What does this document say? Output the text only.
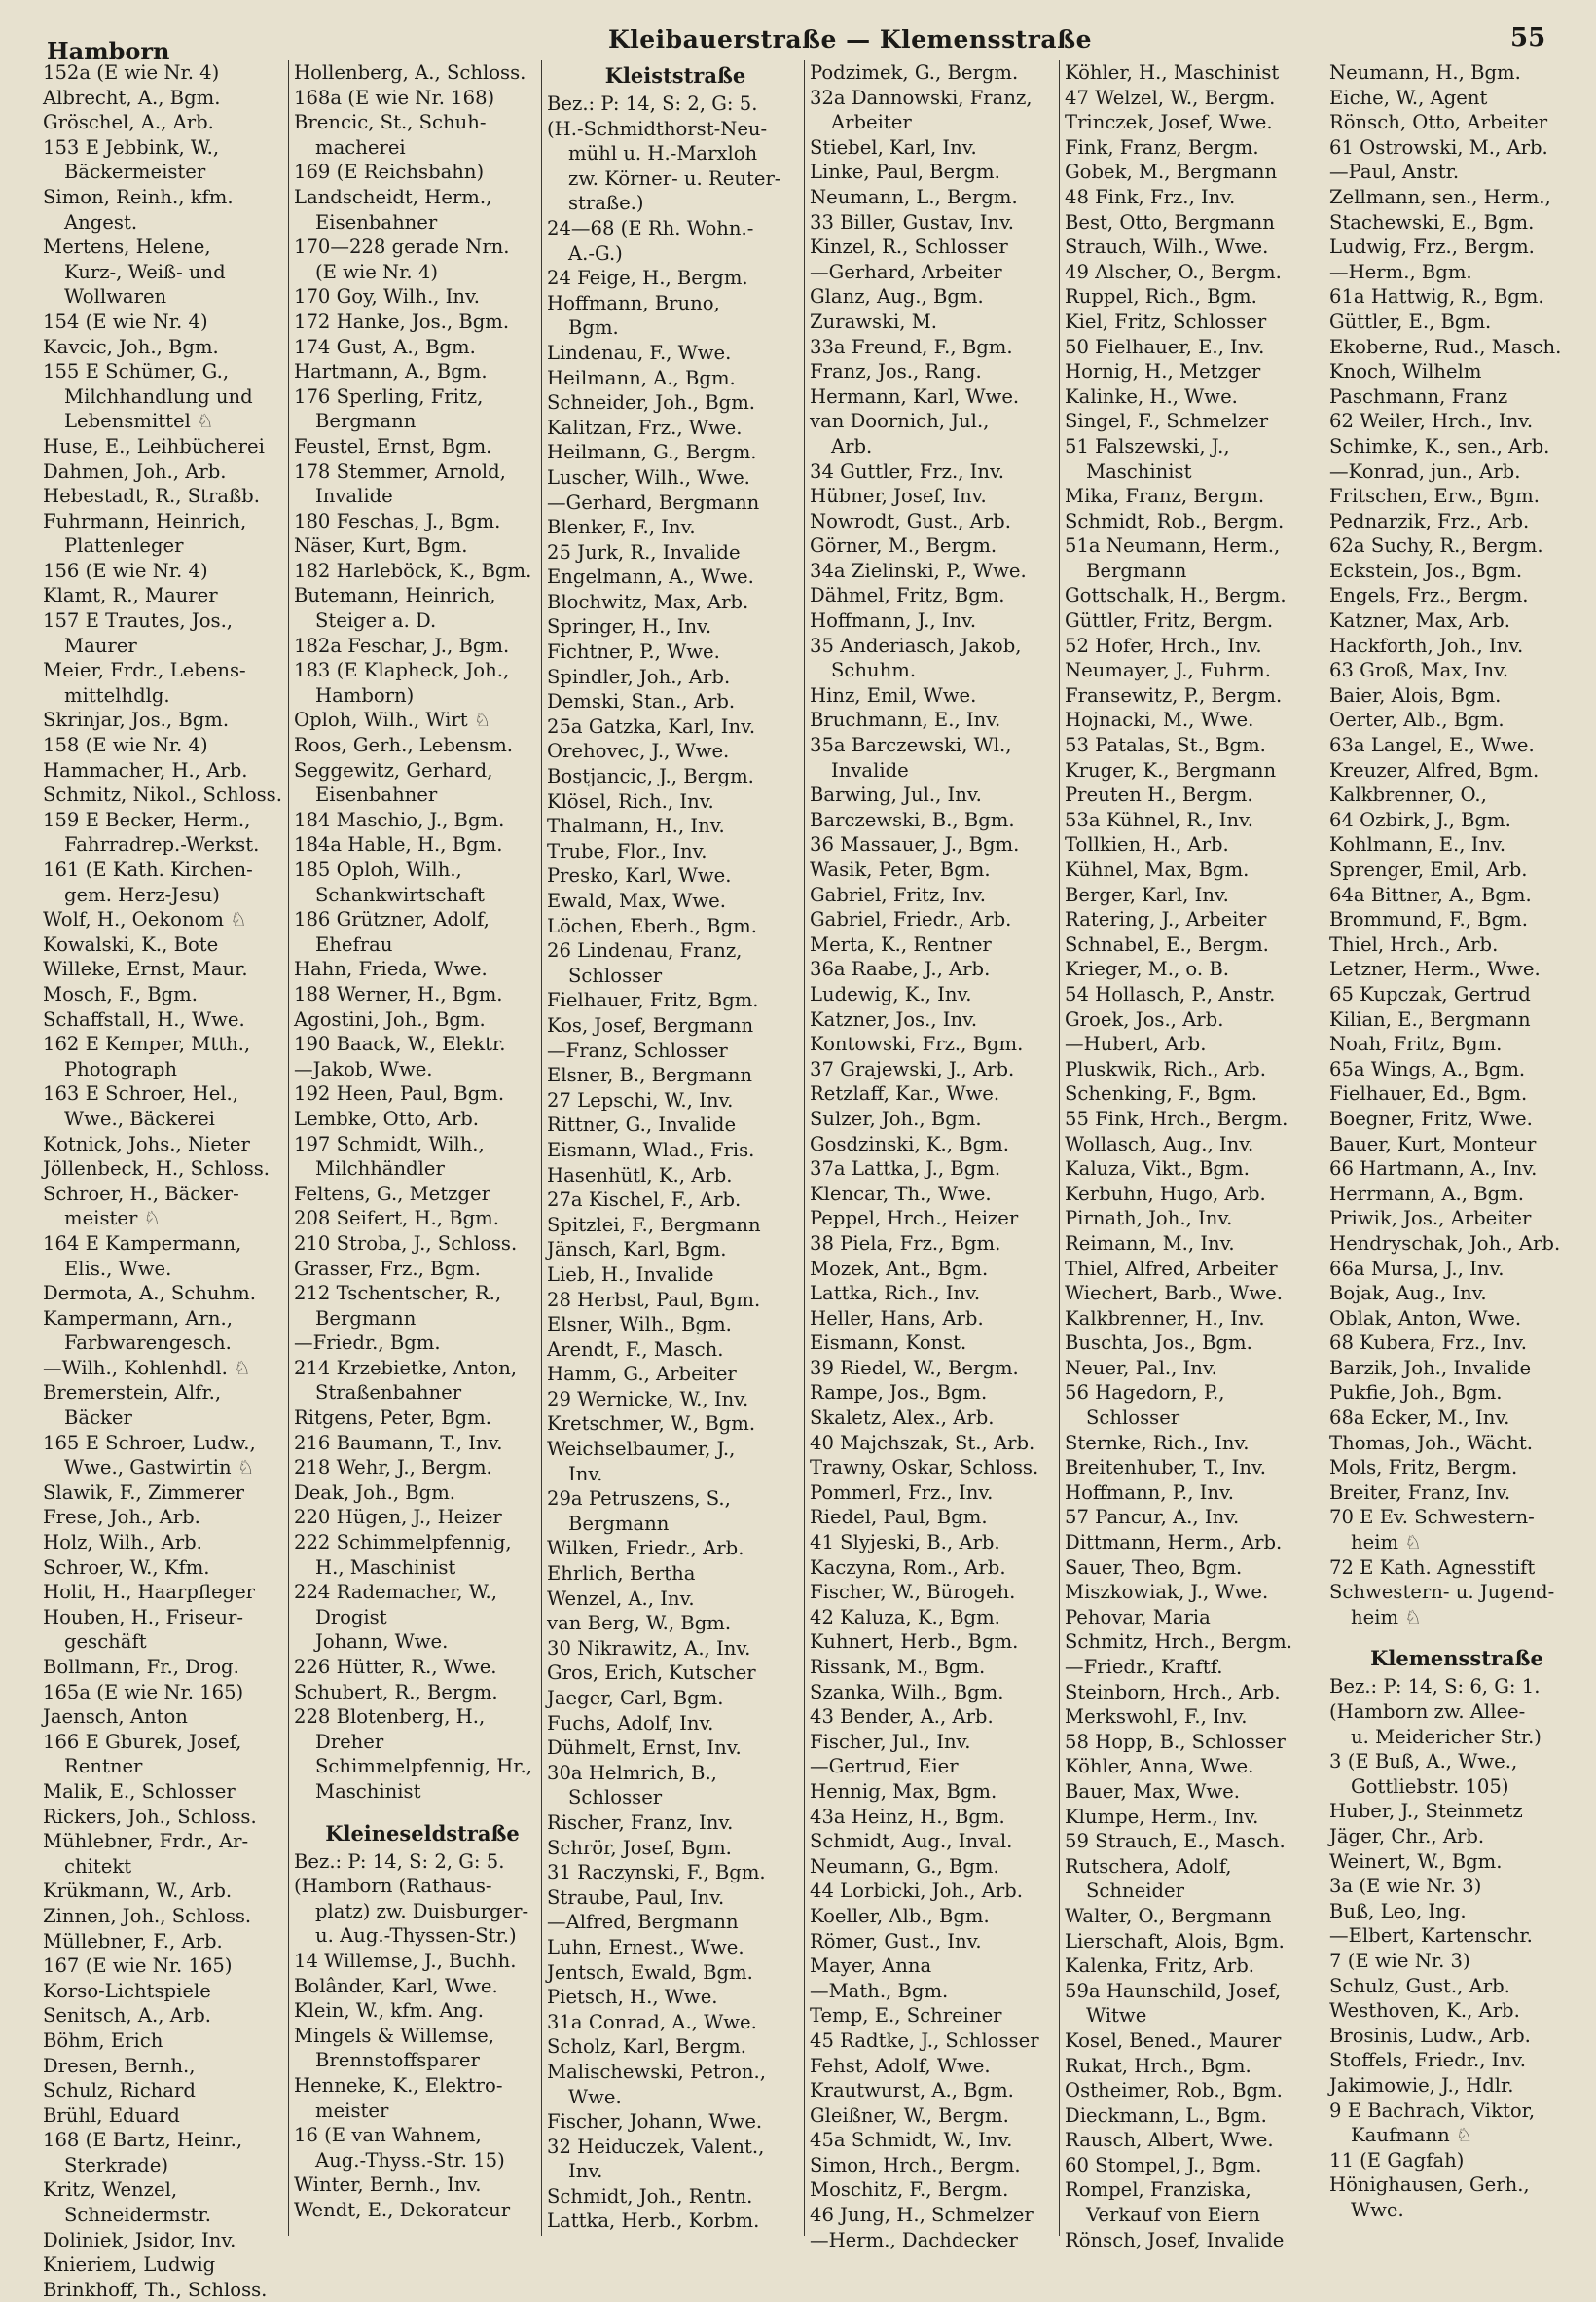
Hamborn	Kleibauerstraße — Klemensstraße	55
152a (E wie Nr. 4)
Albrecht, A., Bgm.
Gröschel, A., Arb.
153 E Jebbink, W.,
Bäckermeister
Simon, Reinh., kfm.
Angest.
Mertens, Helene,
Kurz-, Weiß- und
Wollwaren
154 (E wie Nr. 4)
Kavcic, Joh., Bgm.
155 E Schümer, G.,
Milchhandlung und
Lebensmittel ♘
Huse, E., Leihbücherei
Dahmen, Joh., Arb.
Hebestadt, R., Straßb.
Fuhrmann, Heinrich,
Plattenleger
156 (E wie Nr. 4)
Klamt, R., Maurer
157 E Trautes, Jos.,
Maurer
Meier, Frdr., Lebens-
mittelhdlg.
Skrinjar, Jos., Bgm.
158 (E wie Nr. 4)
Hammacher, H., Arb.
Schmitz, Nikol., Schloss.
159 E Becker, Herm.,
Fahrradrep.-Werkst.
161 (E Kath. Kirchen-
gem. Herz-Jesu)
Wolf, H., Oekonom ♘
Kowalski, K., Bote
Willeke, Ernst, Maur.
Mosch, F., Bgm.
Schaffstall, H., Wwe.
162 E Kemper, Mtth.,
Photograph
163 E Schroer, Hel.,
Wwe., Bäckerei
Kotnick, Johs., Nieter
Jöllenbeck, H., Schloss.
Schroer, H., Bäcker-
meister ♘
164 E Kampermann,
Elis., Wwe.
Dermota, A., Schuhm.
Kampermann, Arn.,
Farbwarengesch.
—Wilh., Kohlenhdl. ♘
Bremerstein, Alfr.,
Bäcker
165 E Schroer, Ludw.,
Wwe., Gastwirtin ♘
Slawik, F., Zimmerer
Frese, Joh., Arb.
Holz, Wilh., Arb.
Schroer, W., Kfm.
Holit, H., Haarpfleger
Houben, H., Friseur-
geschäft
Bollmann, Fr., Drog.
165a (E wie Nr. 165)
Jaensch, Anton
166 E Gburek, Josef,
Rentner
Malik, E., Schlosser
Rickers, Joh., Schloss.
Mühlebner, Frdr., Ar-
chitekt
Krükmann, W., Arb.
Zinnen, Joh., Schloss.
Müllebner, F., Arb.
167 (E wie Nr. 165)
Korso-Lichtspiele
Senitsch, A., Arb.
Böhm, Erich
Dresen, Bernh.,
Schulz, Richard
Brühl, Eduard
168 (E Bartz, Heinr.,
Sterkrade)
Kritz, Wenzel,
Schneidermstr.
Doliniek, Jsidor, Inv.
Knieriem, Ludwig
Brinkhoff, Th., Schloss.
Hollenberg, A., Schloss.
168a (E wie Nr. 168)
Brencic, St., Schuh-
macherei
169 (E Reichsbahn)
Landscheidt, Herm.,
Eisenbahner
170—228 gerade Nrn.
(E wie Nr. 4)
170 Goy, Wilh., Inv.
172 Hanke, Jos., Bgm.
174 Gust, A., Bgm.
Hartmann, A., Bgm.
176 Sperling, Fritz,
Bergmann
Feustel, Ernst, Bgm.
178 Stemmer, Arnold,
Invalide
180 Feschas, J., Bgm.
Näser, Kurt, Bgm.
182 Harleböck, K., Bgm.
Butemann, Heinrich,
Steiger a. D.
182a Feschar, J., Bgm.
183 (E Klapheck, Joh.,
Hamborn)
Oploh, Wilh., Wirt ♘
Roos, Gerh., Lebensm.
Seggewitz, Gerhard,
Eisenbahner
184 Maschio, J., Bgm.
184a Hable, H., Bgm.
185 Oploh, Wilh.,
Schankwirtschaft
186 Grützner, Adolf,
Ehefrau
Hahn, Frieda, Wwe.
188 Werner, H., Bgm.
Agostini, Joh., Bgm.
190 Baack, W., Elektr.
—Jakob, Wwe.
192 Heen, Paul, Bgm.
Lembke, Otto, Arb.
197 Schmidt, Wilh.,
Milchhändler
Feltens, G., Metzger
208 Seifert, H., Bgm.
210 Stroba, J., Schloss.
Grasser, Frz., Bgm.
212 Tschentscher, R.,
Bergmann
—Friedr., Bgm.
214 Krzebietke, Anton,
Straßenbahner
Ritgens, Peter, Bgm.
216 Baumann, T., Inv.
218 Wehr, J., Bergm.
Deak, Joh., Bgm.
220 Hügen, J., Heizer
222 Schimmelpfennig,
H., Maschinist
224 Rademacher, W.,
Drogist
Johann, Wwe.
226 Hütter, R., Wwe.
Schubert, R., Bergm.
228 Blotenberg, H.,
Dreher
Schimmelpfennig, Hr.,
Maschinist
Kleineseldstraße
Bez.: P: 14, S: 2, G: 5.
(Hamborn (Rathaus-
platz) zw. Duisburger-
u. Aug.-Thyssen-Str.)
14 Willemse, J., Buchh.
Bolânder, Karl, Wwe.
Klein, W., kfm. Ang.
Mingels & Willemse,
Brennstoffsparer
Henneke, K., Elektro-
meister
16 (E van Wahnem,
Aug.-Thyss.-Str. 15)
Winter, Bernh., Inv.
Wendt, E., Dekorateur
Kleiststraße
Bez.: P: 14, S: 2, G: 5.
(H.-Schmidthorst-Neu-
mühl u. H.-Marxloh
zw. Körner- u. Reuter-
straße.)
24—68 (E Rh. Wohn.-
A.-G.)
24 Feige, H., Bergm.
Hoffmann, Bruno,
Bgm.
Lindenau, F., Wwe.
Heilmann, A., Bgm.
Schneider, Joh., Bgm.
Kalitzan, Frz., Wwe.
Heilmann, G., Bergm.
Luscher, Wilh., Wwe.
—Gerhard, Bergmann
Blenker, F., Inv.
25 Jurk, R., Invalide
Engelmann, A., Wwe.
Blochwitz, Max, Arb.
Springer, H., Inv.
Fichtner, P., Wwe.
Spindler, Joh., Arb.
Demski, Stan., Arb.
25a Gatzka, Karl, Inv.
Orehovec, J., Wwe.
Bostjancic, J., Bergm.
Klösel, Rich., Inv.
Thalmann, H., Inv.
Trube, Flor., Inv.
Presko, Karl, Wwe.
Ewald, Max, Wwe.
Löchen, Eberh., Bgm.
26 Lindenau, Franz,
Schlosser
Fielhauer, Fritz, Bgm.
Kos, Josef, Bergmann
—Franz, Schlosser
Elsner, B., Bergmann
27 Lepschi, W., Inv.
Rittner, G., Invalide
Eismann, Wlad., Fris.
Hasenhütl, K., Arb.
27a Kischel, F., Arb.
Spitzlei, F., Bergmann
Jänsch, Karl, Bgm.
Lieb, H., Invalide
28 Herbst, Paul, Bgm.
Elsner, Wilh., Bgm.
Arendt, F., Masch.
Hamm, G., Arbeiter
29 Wernicke, W., Inv.
Kretschmer, W., Bgm.
Weichselbaumer, J.,
Inv.
29a Petruszens, S.,
Bergmann
Wilken, Friedr., Arb.
Ehrlich, Bertha
Wenzel, A., Inv.
van Berg, W., Bgm.
30 Nikrawitz, A., Inv.
Gros, Erich, Kutscher
Jaeger, Carl, Bgm.
Fuchs, Adolf, Inv.
Dühmelt, Ernst, Inv.
30a Helmrich, B.,
Schlosser
Rischer, Franz, Inv.
Schrör, Josef, Bgm.
31 Raczynski, F., Bgm.
Straube, Paul, Inv.
—Alfred, Bergmann
Luhn, Ernest., Wwe.
Jentsch, Ewald, Bgm.
Pietsch, H., Wwe.
31a Conrad, A., Wwe.
Scholz, Karl, Bergm.
Malischewski, Petron.,
Wwe.
Fischer, Johann, Wwe.
32 Heiduczek, Valent.,
Inv.
Schmidt, Joh., Rentn.
Lattka, Herb., Korbm.
Podzimek, G., Bergm.
32a Dannowski, Franz,
Arbeiter
Stiebel, Karl, Inv.
Linke, Paul, Bergm.
Neumann, L., Bergm.
33 Biller, Gustav, Inv.
Kinzel, R., Schlosser
—Gerhard, Arbeiter
Glanz, Aug., Bgm.
Zurawski, M.
33a Freund, F., Bgm.
Franz, Jos., Rang.
Hermann, Karl, Wwe.
van Doornich, Jul.,
Arb.
34 Guttler, Frz., Inv.
Hübner, Josef, Inv.
Nowrodt, Gust., Arb.
Görner, M., Bergm.
34a Zielinski, P., Wwe.
Dähmel, Fritz, Bgm.
Hoffmann, J., Inv.
35 Anderiasch, Jakob,
Schuhm.
Hinz, Emil, Wwe.
Bruchmann, E., Inv.
35a Barczewski, Wl.,
Invalide
Barwing, Jul., Inv.
Barczewski, B., Bgm.
36 Massauer, J., Bgm.
Wasik, Peter, Bgm.
Gabriel, Fritz, Inv.
Gabriel, Friedr., Arb.
Merta, K., Rentner
36a Raabe, J., Arb.
Ludewig, K., Inv.
Katzner, Jos., Inv.
Kontowski, Frz., Bgm.
37 Grajewski, J., Arb.
Retzlaff, Kar., Wwe.
Sulzer, Joh., Bgm.
Gosdzinski, K., Bgm.
37a Lattka, J., Bgm.
Klencar, Th., Wwe.
Peppel, Hrch., Heizer
38 Piela, Frz., Bgm.
Mozek, Ant., Bgm.
Lattka, Rich., Inv.
Heller, Hans, Arb.
Eismann, Konst.
39 Riedel, W., Bergm.
Rampe, Jos., Bgm.
Skaletz, Alex., Arb.
40 Majchszak, St., Arb.
Trawny, Oskar, Schloss.
Pommerl, Frz., Inv.
Riedel, Paul, Bgm.
41 Slyjeski, B., Arb.
Kaczyna, Rom., Arb.
Fischer, W., Bürogeh.
42 Kaluza, K., Bgm.
Kuhnert, Herb., Bgm.
Rissank, M., Bgm.
Szanka, Wilh., Bgm.
43 Bender, A., Arb.
Fischer, Jul., Inv.
—Gertrud, Eier
Hennig, Max, Bgm.
43a Heinz, H., Bgm.
Schmidt, Aug., Inval.
Neumann, G., Bgm.
44 Lorbicki, Joh., Arb.
Koeller, Alb., Bgm.
Römer, Gust., Inv.
Mayer, Anna
—Math., Bgm.
Temp, E., Schreiner
45 Radtke, J., Schlosser
Fehst, Adolf, Wwe.
Krautwurst, A., Bgm.
Gleißner, W., Bergm.
45a Schmidt, W., Inv.
Simon, Hrch., Bergm.
Moschitz, F., Bergm.
46 Jung, H., Schmelzer
—Herm., Dachdecker
Köhler, H., Maschinist
47 Welzel, W., Bergm.
Trinczek, Josef, Wwe.
Fink, Franz, Bergm.
Gobek, M., Bergmann
48 Fink, Frz., Inv.
Best, Otto, Bergmann
Strauch, Wilh., Wwe.
49 Alscher, O., Bergm.
Ruppel, Rich., Bgm.
Kiel, Fritz, Schlosser
50 Fielhauer, E., Inv.
Hornig, H., Metzger
Kalinke, H., Wwe.
Singel, F., Schmelzer
51 Falszewski, J.,
Maschinist
Mika, Franz, Bergm.
Schmidt, Rob., Bergm.
51a Neumann, Herm.,
Bergmann
Gottschalk, H., Bergm.
Güttler, Fritz, Bergm.
52 Hofer, Hrch., Inv.
Neumayer, J., Fuhrm.
Fransewitz, P., Bergm.
Hojnacki, M., Wwe.
53 Patalas, St., Bgm.
Kruger, K., Bergmann
Preuten H., Bergm.
53a Kühnel, R., Inv.
Tollkien, H., Arb.
Kühnel, Max, Bgm.
Berger, Karl, Inv.
Ratering, J., Arbeiter
Schnabel, E., Bergm.
Krieger, M., o. B.
54 Hollasch, P., Anstr.
Groek, Jos., Arb.
—Hubert, Arb.
Pluskwik, Rich., Arb.
Schenking, F., Bgm.
55 Fink, Hrch., Bergm.
Wollasch, Aug., Inv.
Kaluza, Vikt., Bgm.
Kerbuhn, Hugo, Arb.
Pirnath, Joh., Inv.
Reimann, M., Inv.
Thiel, Alfred, Arbeiter
Wiechert, Barb., Wwe.
Kalkbrenner, H., Inv.
Buschta, Jos., Bgm.
Neuer, Pal., Inv.
56 Hagedorn, P.,
Schlosser
Sternke, Rich., Inv.
Breitenhuber, T., Inv.
Hoffmann, P., Inv.
57 Pancur, A., Inv.
Dittmann, Herm., Arb.
Sauer, Theo, Bgm.
Miszkowiak, J., Wwe.
Pehovar, Maria
Schmitz, Hrch., Bergm.
—Friedr., Kraftf.
Steinborn, Hrch., Arb.
Merkswohl, F., Inv.
58 Hopp, B., Schlosser
Köhler, Anna, Wwe.
Bauer, Max, Wwe.
Klumpe, Herm., Inv.
59 Strauch, E., Masch.
Rutschera, Adolf,
Schneider
Walter, O., Bergmann
Lierschaft, Alois, Bgm.
Kalenka, Fritz, Arb.
59a Haunschild, Josef,
Witwe
Kosel, Bened., Maurer
Rukat, Hrch., Bgm.
Ostheimer, Rob., Bgm.
Dieckmann, L., Bgm.
Rausch, Albert, Wwe.
60 Stompel, J., Bgm.
Rompel, Franziska,
Verkauf von Eiern
Rönsch, Josef, Invalide
Neumann, H., Bgm.
Eiche, W., Agent
Rönsch, Otto, Arbeiter
61 Ostrowski, M., Arb.
—Paul, Anstr.
Zellmann, sen., Herm.,
Stachewski, E., Bgm.
Ludwig, Frz., Bergm.
—Herm., Bgm.
61a Hattwig, R., Bgm.
Güttler, E., Bgm.
Ekoberne, Rud., Masch.
Knoch, Wilhelm
Paschmann, Franz
62 Weiler, Hrch., Inv.
Schimke, K., sen., Arb.
—Konrad, jun., Arb.
Fritschen, Erw., Bgm.
Pednarzik, Frz., Arb.
62a Suchy, R., Bergm.
Eckstein, Jos., Bgm.
Engels, Frz., Bergm.
Katzner, Max, Arb.
Hackforth, Joh., Inv.
63 Groß, Max, Inv.
Baier, Alois, Bgm.
Oerter, Alb., Bgm.
63a Langel, E., Wwe.
Kreuzer, Alfred, Bgm.
Kalkbrenner, O.,
64 Ozbirk, J., Bgm.
Kohlmann, E., Inv.
Sprenger, Emil, Arb.
64a Bittner, A., Bgm.
Brommund, F., Bgm.
Thiel, Hrch., Arb.
Letzner, Herm., Wwe.
65 Kupczak, Gertrud
Kilian, E., Bergmann
Noah, Fritz, Bgm.
65a Wings, A., Bgm.
Fielhauer, Ed., Bgm.
Boegner, Fritz, Wwe.
Bauer, Kurt, Monteur
66 Hartmann, A., Inv.
Herrmann, A., Bgm.
Priwik, Jos., Arbeiter
Hendryschak, Joh., Arb.
66a Mursa, J., Inv.
Bojak, Aug., Inv.
Oblak, Anton, Wwe.
68 Kubera, Frz., Inv.
Barzik, Joh., Invalide
Pukfie, Joh., Bgm.
68a Ecker, M., Inv.
Thomas, Joh., Wächt.
Mols, Fritz, Bergm.
Breiter, Franz, Inv.
70 E Ev. Schwestern-
heim ♘
72 E Kath. Agnesstift
Schwestern- u. Jugend-
heim ♘
Klemensstraße
Bez.: P: 14, S: 6, G: 1.
(Hamborn zw. Allee-
u. Meidericher Str.)
3 (E Buß, A., Wwe.,
Gottliebstr. 105)
Huber, J., Steinmetz
Jäger, Chr., Arb.
Weinert, W., Bgm.
3a (E wie Nr. 3)
Buß, Leo, Ing.
—Elbert, Kartenschr.
7 (E wie Nr. 3)
Schulz, Gust., Arb.
Westhoven, K., Arb.
Brosinis, Ludw., Arb.
Stoffels, Friedr., Inv.
Jakimowie, J., Hdlr.
9 E Bachrach, Viktor,
Kaufmann ♘
11 (E Gagfah)
Hönighausen, Gerh.,
Wwe.
